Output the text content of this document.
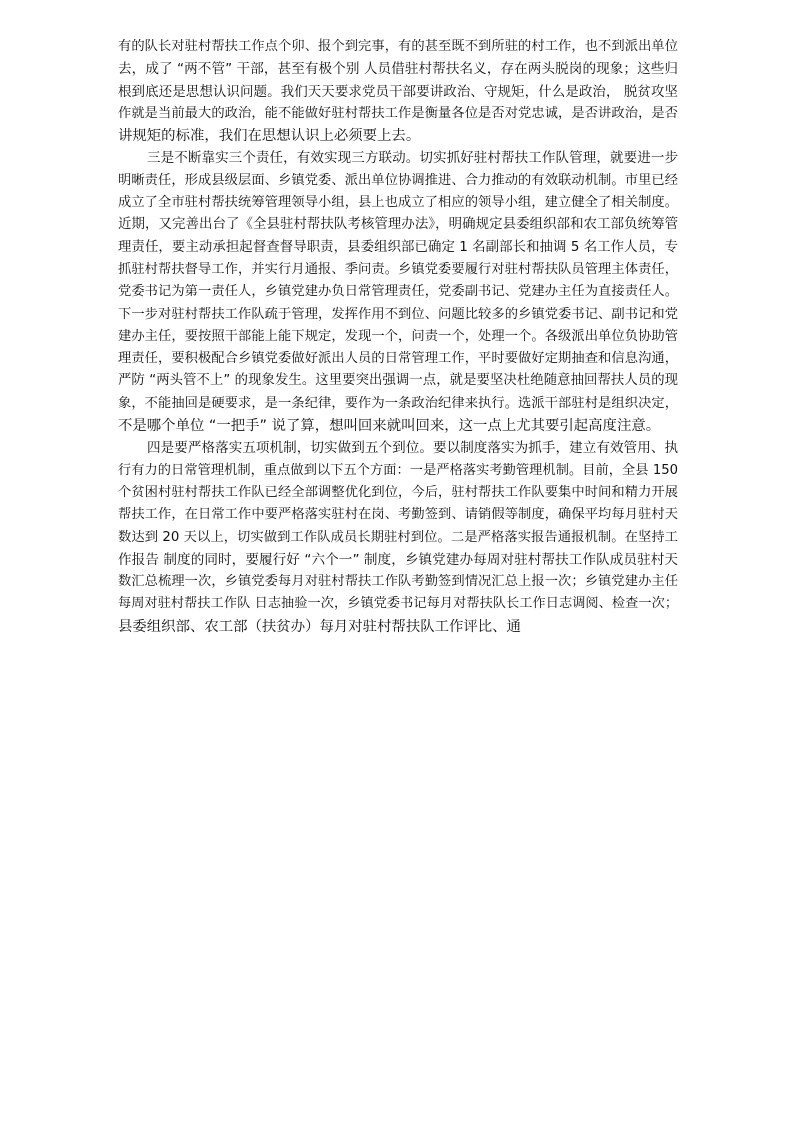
有的队长对驻村帮扶工作点个卯、报个到完事，有的甚至既不到所驻的村工作，也不到派出单位
去，成了 “两不管” 干部，甚至有极个别 人员借驻村帮扶名义，存在两头脱岗的现象；这些归
根到底还是思想认识问题。我们天天要求党员干部要讲政治、守规矩，什么是政治， 脱贫攻坚
作就是当前最大的政治，能不能做好驻村帮扶工作是衡量各位是否对党忠诚，是否讲政治，是否
讲规矩的标准，我们在思想认识上必须要上去。
三是不断靠实三个责任，有效实现三方联动。切实抓好驻村帮扶工作队管理，就要进一步
明晰责任，形成县级层面、乡镇党委、派出单位协调推进、合力推动的有效联动机制。市里已经
成立了全市驻村帮扶统筹管理领导小组，县上也成立了相应的领导小组，建立健全了相关制度。
近期，又完善出台了《全县驻村帮扶队考核管理办法》，明确规定县委组织部和农工部负统筹管
理责任，要主动承担起督查督导职责，县委组织部已确定 1 名副部长和抽调 5 名工作人员，专
抓驻村帮扶督导工作，并实行月通报、季问责。乡镇党委要履行对驻村帮扶队员管理主体责任，
党委书记为第一责任人，乡镇党建办负日常管理责任，党委副书记、党建办主任为直接责任人。
下一步对驻村帮扶工作队疏于管理，发挥作用不到位、问题比较多的乡镇党委书记、副书记和党
建办主任，要按照干部能上能下规定，发现一个，问责一个，处理一个。各级派出单位负协助管
理责任，要积极配合乡镇党委做好派出人员的日常管理工作，平时要做好定期抽查和信息沟通，
严防 “两头管不上” 的现象发生。这里要突出强调一点，就是要坚决杜绝随意抽回帮扶人员的现
象，不能抽回是硬要求，是一条纪律，要作为一条政治纪律来执行。选派干部驻村是组织决定，
不是哪个单位 “一把手” 说了算，想叫回来就叫回来，这一点上尤其要引起高度注意。
四是要严格落实五项机制，切实做到五个到位。要以制度落实为抓手，建立有效管用、执
行有力的日常管理机制，重点做到以下五个方面：一是严格落实考勤管理机制。目前，全县 150
个贫困村驻村帮扶工作队已经全部调整优化到位，今后，驻村帮扶工作队要集中时间和精力开展
帮扶工作，在日常工作中要严格落实驻村在岗、考勤签到、请销假等制度，确保平均每月驻村天
数达到 20 天以上，切实做到工作队成员长期驻村到位。二是严格落实报告通报机制。在坚持工
作报告 制度的同时，要履行好 “六个一” 制度，乡镇党建办每周对驻村帮扶工作队成员驻村天
数汇总梳理一次，乡镇党委每月对驻村帮扶工作队考勤签到情况汇总上报一次；乡镇党建办主任
每周对驻村帮扶工作队 日志抽验一次，乡镇党委书记每月对帮扶队长工作日志调阅、检查一次；
县委组织部、农工部（扶贫办）每月对驻村帮扶队工作评比、通
